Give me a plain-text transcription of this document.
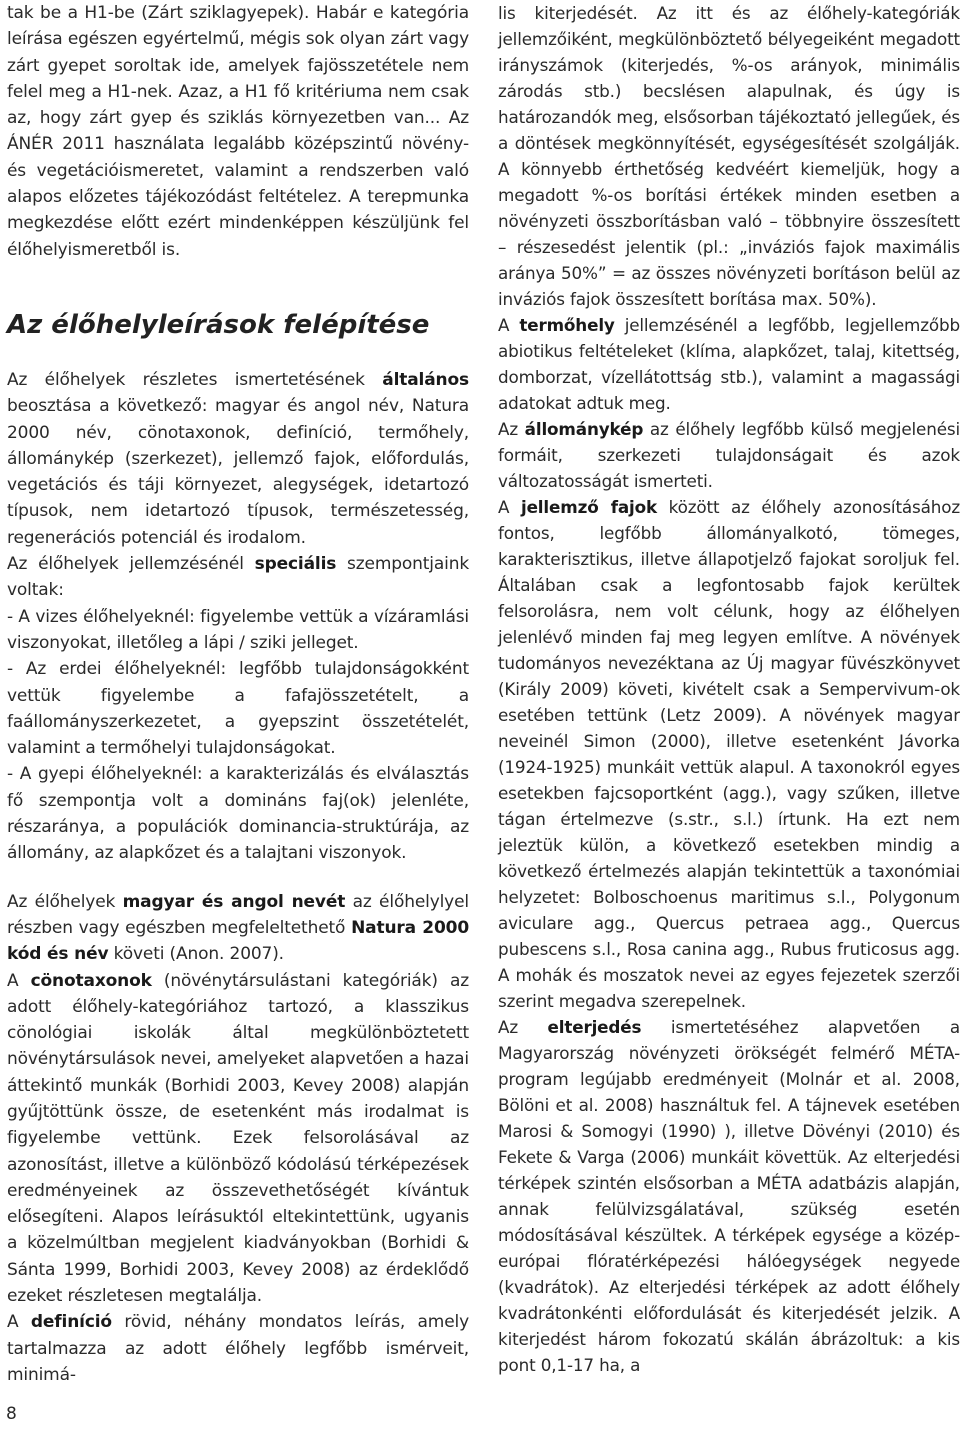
tak be a H1-be (Zárt sziklagyepek). Habár e kategória leírása egészen egyértelmű, mégis sok olyan zárt vagy zárt gyepet soroltak ide, amelyek fajösszetétele nem felel meg a H1-nek. Azaz, a H1 fő kritériuma nem csak az, hogy zárt gyep és sziklás környezetben van... Az ÁNÉR 2011 használata legalább középszintű növény- és vegetációismeretet, valamint a rendszerben való alapos előzetes tájékozódást feltételez. A terepmunka megkezdése előtt ezért mindenképpen készüljünk fel élőhelyismeretből is.

Az élőhelyleírások felépítése

Az élőhelyek részletes ismertetésének általános beosztása a következő: magyar és angol név, Natura 2000 név, cönotaxonok, definíció, termőhely, állománykép (szerkezet), jellemző fajok, előfordulás, vegetációs és táji környezet, alegységek, idetartozó típusok, nem idetartozó típusok, természetesség, regenerációs potenciál és irodalom.

Az élőhelyek jellemzésénél speciális szempontjaink voltak:

- A vizes élőhelyeknél: figyelembe vettük a vízáramlási viszonyokat, illetőleg a lápi / sziki jelleget.

- Az erdei élőhelyeknél: legfőbb tulajdonságokként vettük figyelembe a fafajösszetételt, a faállományszerkezetet, a gyepszint összetételét, valamint a termőhelyi tulajdonságokat.

- A gyepi élőhelyeknél: a karakterizálás és elválasztás fő szempontja volt a domináns faj(ok) jelenléte, részaránya, a populációk dominancia-struktúrája, az állomány, az alapkőzet és a talajtani viszonyok.

Az élőhelyek magyar és angol nevét az élőhelylyel részben vagy egészben megfeleltethető Natura 2000 kód és név követi (Anon. 2007).

A cönotaxonok (növénytársulástani kategóriák) az adott élőhely-kategóriához tartozó, a klasszikus cönológiai iskolák által megkülönböztetett növénytársulások nevei, amelyeket alapvetően a hazai áttekintő munkák (Borhidi 2003, Kevey 2008) alapján gyűjtöttünk össze, de esetenként más irodalmat is figyelembe vettünk. Ezek felsorolásával az azonosítást, illetve a különböző kódolású térképezések eredményeinek az összevethetőségét kívántuk elősegíteni. Alapos leírásuktól eltekintettünk, ugyanis a közelmúltban megjelent kiadványokban (Borhidi & Sánta 1999, Borhidi 2003, Kevey 2008) az érdeklődő ezeket részletesen megtalálja.

A definíció rövid, néhány mondatos leírás, amely tartalmazza az adott élőhely legfőbb ismérveit, minimá-

lis kiterjedését. Az itt és az élőhely-kategóriák jellemzőiként, megkülönböztető bélyegeiként megadott irányszámok (kiterjedés, %-os arányok, minimális zárodás stb.) becslésen alapulnak, és úgy is határozandók meg, elsősorban tájékoztató jellegűek, és a döntések megkönnyítését, egységesítését szolgálják. A könnyebb érthetőség kedvéért kiemeljük, hogy a megadott %-os borítási értékek minden esetben a növényzeti összborításban való – többnyire összesített – részesedést jelentik (pl.: „inváziós fajok maximális aránya 50%” = az összes növényzeti borításon belül az inváziós fajok összesített borítása max. 50%).

A termőhely jellemzésénél a legfőbb, legjellemzőbb abiotikus feltételeket (klíma, alapkőzet, talaj, kitettség, domborzat, vízellátottság stb.), valamint a magassági adatokat adtuk meg.

Az állománykép az élőhely legfőbb külső megjelenési formáit, szerkezeti tulajdonságait és azok változatosságát ismerteti.

A jellemző fajok között az élőhely azonosításához fontos, legfőbb állományalkotó, tömeges, karakterisztikus, illetve állapotjelző fajokat soroljuk fel. Általában csak a legfontosabb fajok kerültek felsorolásra, nem volt célunk, hogy az élőhelyen jelenlévő minden faj meg legyen említve. A növények tudományos nevezéktana az Új magyar füvészkönyvet (Király 2009) követi, kivételt csak a Sempervivum-ok esetében tettünk (Letz 2009). A növények magyar neveinél Simon (2000), illetve esetenként Jávorka (1924-1925) munkáit vettük alapul. A taxonokról egyes esetekben fajcsoportként (agg.), vagy szűken, illetve tágan értelmezve (s.str., s.l.) írtunk. Ha ezt nem jeleztük külön, a következő esetekben mindig a következő értelmezés alapján tekintettük a taxonómiai helyzetet: Bolboschoenus maritimus s.l., Polygonum aviculare agg., Quercus petraea agg., Quercus pubescens s.l., Rosa canina agg., Rubus fruticosus agg. A mohák és moszatok nevei az egyes fejezetek szerzői szerint megadva szerepelnek.

Az elterjedés ismertetéséhez alapvetően a Magyarország növényzeti örökségét felmérő MÉTA-program legújabb eredményeit (Molnár et al. 2008, Bölöni et al. 2008) használtuk fel. A tájnevek esetében Marosi & Somogyi (1990) ), illetve Dövényi (2010) és Fekete & Varga (2006) munkáit követtük. Az elterjedési térképek szintén elsősorban a MÉTA adatbázis alapján, annak felülvizsgálatával, szükség esetén módosításával készültek. A térképek egysége a közép-európai flóratérképezési hálóegységek negyede (kvadrátok). Az elterjedési térképek az adott élőhely kvadrátonkénti előfordulását és kiterjedését jelzik. A kiterjedést három fokozatú skálán ábrázoltuk: a kis pont 0,1-17 ha, a

8
